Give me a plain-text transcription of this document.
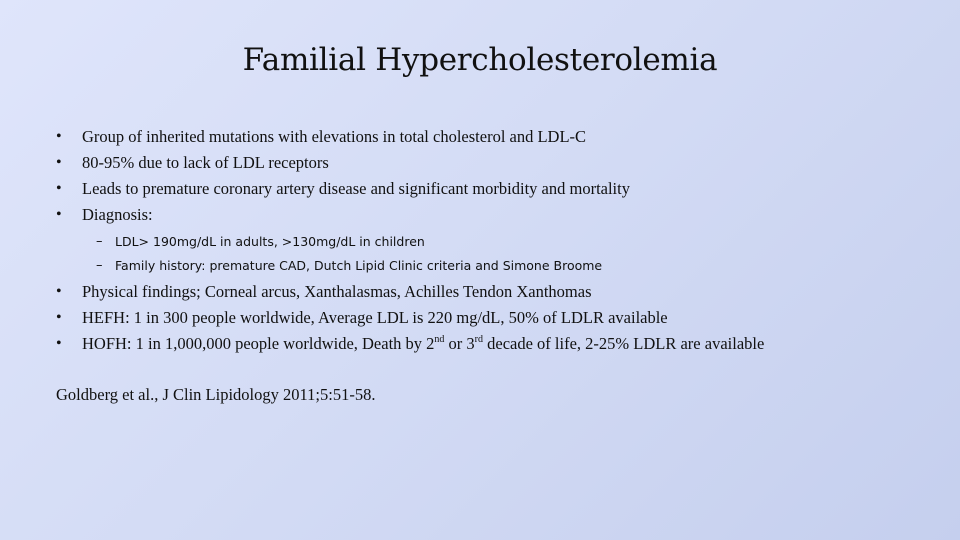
Familial Hypercholesterolemia
• Group of inherited mutations with elevations in total cholesterol and LDL-C
• 80-95% due to lack of LDL receptors
• Leads to premature coronary artery disease and significant morbidity and mortality
• Diagnosis:
– LDL> 190mg/dL in adults, >130mg/dL in children
– Family history: premature CAD, Dutch Lipid Clinic criteria and Simone Broome
• Physical findings; Corneal arcus, Xanthalasmas, Achilles Tendon Xanthomas
• HEFH: 1 in 300 people worldwide, Average LDL is 220 mg/dL, 50% of LDLR available
• HOFH: 1 in 1,000,000 people worldwide, Death by 2nd or 3rd decade of life, 2-25% LDLR are available
Goldberg et al., J Clin Lipidology 2011;5:51-58.
